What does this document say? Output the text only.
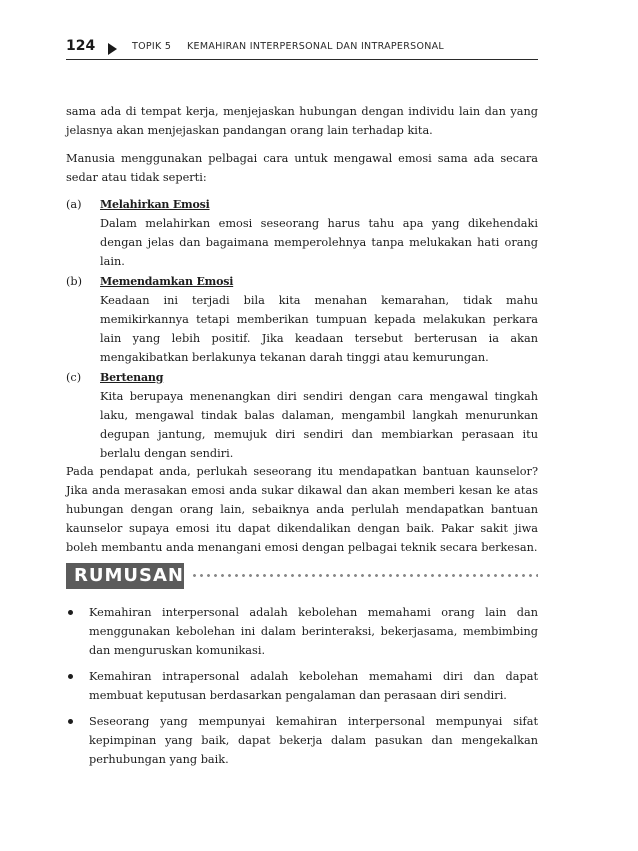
124	TOPIK 5 KEMAHIRAN INTERPERSONAL DAN INTRAPERSONAL
sama ada di tempat kerja, menjejaskan hubungan dengan individu lain dan yang jelasnya akan menjejaskan pandangan orang lain terhadap kita.
Manusia menggunakan pelbagai cara untuk mengawal emosi sama ada secara sedar atau tidak seperti:
(a) Melahirkan Emosi
Dalam melahirkan emosi seseorang harus tahu apa yang dikehendaki dengan jelas dan bagaimana memperolehnya tanpa melukakan hati orang lain.
(b) Memendamkan Emosi
Keadaan ini terjadi bila kita menahan kemarahan, tidak mahu memikirkannya tetapi memberikan tumpuan kepada melakukan perkara lain yang lebih positif. Jika keadaan tersebut berterusan ia akan mengakibatkan berlakunya tekanan darah tinggi atau kemurungan.
(c) Bertenang
Kita berupaya menenangkan diri sendiri dengan cara mengawal tingkah laku, mengawal tindak balas dalaman, mengambil langkah menurunkan degupan jantung, memujuk diri sendiri dan membiarkan perasaan itu berlalu dengan sendiri.
Pada pendapat anda, perlukah seseorang itu mendapatkan bantuan kaunselor? Jika anda merasakan emosi anda sukar dikawal dan akan memberi kesan ke atas hubungan dengan orang lain, sebaiknya anda perlulah mendapatkan bantuan kaunselor supaya emosi itu dapat dikendalikan dengan baik. Pakar sakit jiwa boleh membantu anda menangani emosi dengan pelbagai teknik secara berkesan.
RUMUSAN
Kemahiran interpersonal adalah kebolehan memahami orang lain dan menggunakan kebolehan ini dalam berinteraksi, bekerjasama, membimbing dan menguruskan komunikasi.
Kemahiran intrapersonal adalah kebolehan memahami diri dan dapat membuat keputusan berdasarkan pengalaman dan perasaan diri sendiri.
Seseorang yang mempunyai kemahiran interpersonal mempunyai sifat kepimpinan yang baik, dapat bekerja dalam pasukan dan mengekalkan perhubungan yang baik.
